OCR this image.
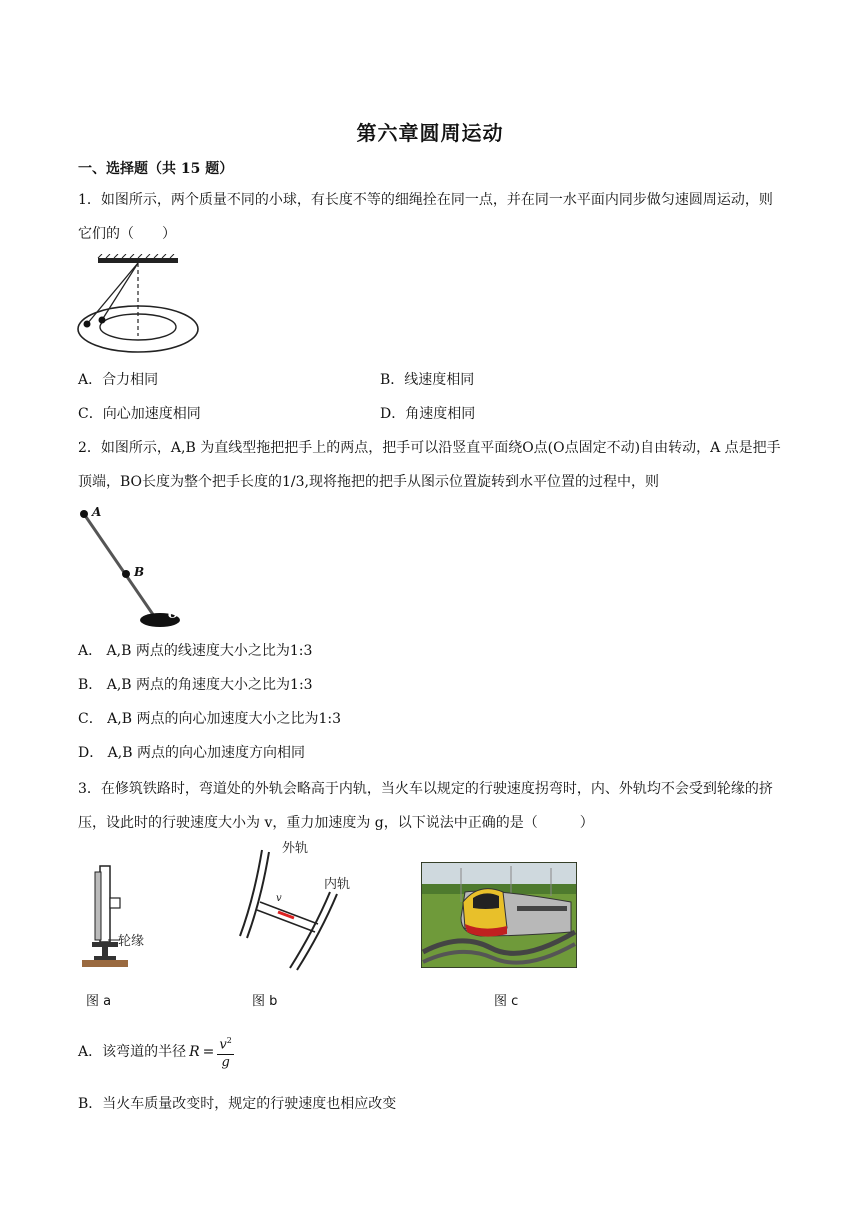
第六章圆周运动
一、选择题（共 15 题）
1．如图所示，两个质量不同的小球，有长度不等的细绳拴在同一点，并在同一水平面内同步做匀速圆周运动，则它们的（　　）
A．合力相同	B．线速度相同
C．向心加速度相同	D．角速度相同
2．如图所示，A,B 为直线型拖把把手上的两点，把手可以沿竖直平面绕O点(O点固定不动)自由转动，A 点是把手顶端，BO长度为整个把手长度的1/3,现将拖把的把手从图示位置旋转到水平位置的过程中，则
A
B
O
A． A,B 两点的线速度大小之比为1:3
B． A,B 两点的角速度大小之比为1:3
C． A,B 两点的向心加速度大小之比为1:3
D． A,B 两点的向心加速度方向相同
3．在修筑铁路时，弯道处的外轨会略高于内轨，当火车以规定的行驶速度拐弯时，内、外轨均不会受到轮缘的挤压，设此时的行驶速度大小为 v，重力加速度为 g，以下说法中正确的是（　　　）
轮缘
外轨
内轨
v
图 a	图 b	图 c
A．该弯道的半径 $R = \frac{v^2}{g}$
B．当火车质量改变时，规定的行驶速度也相应改变
